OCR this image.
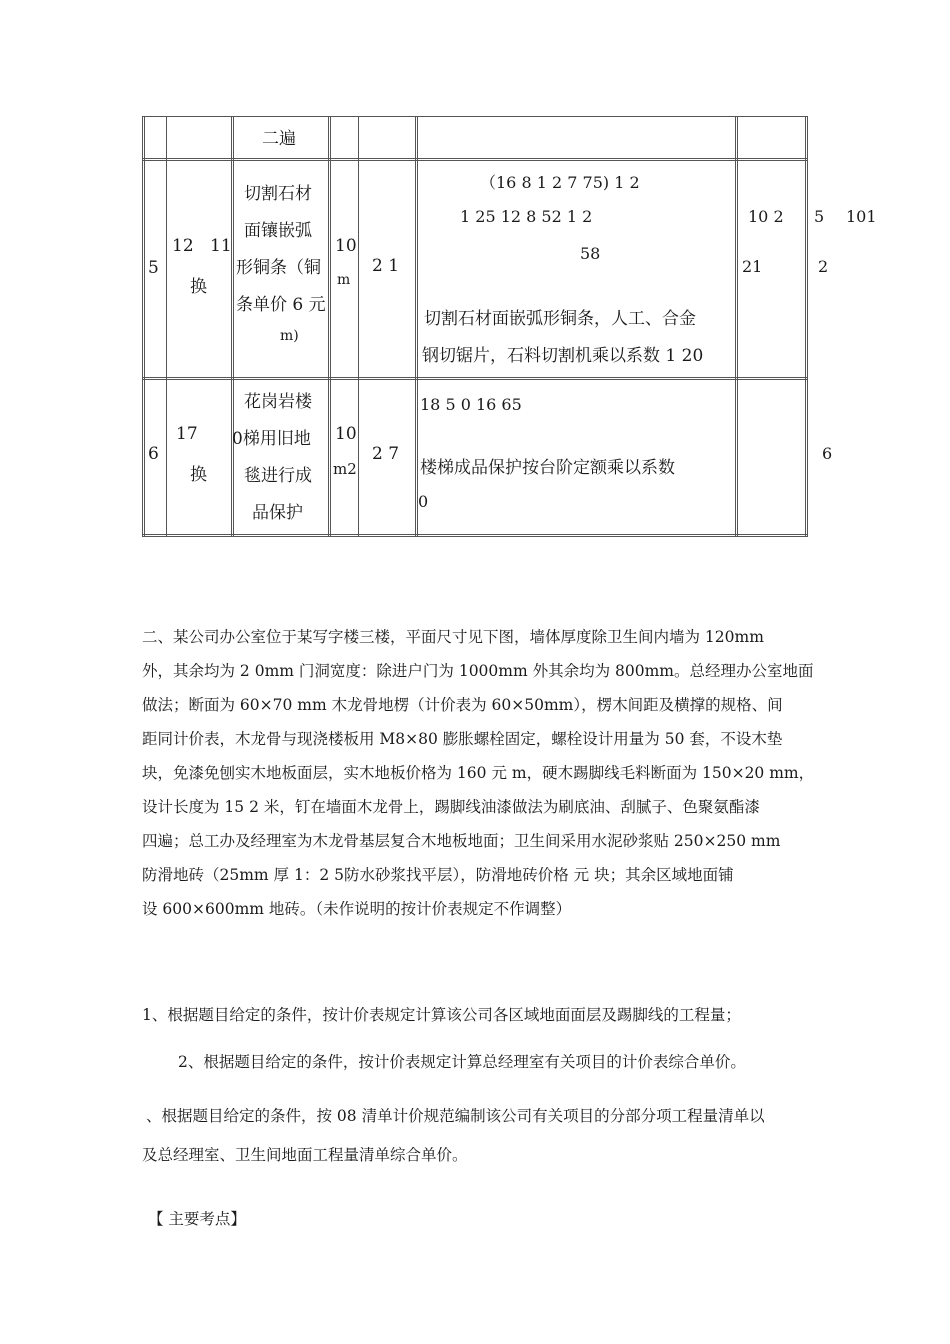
二遍
5
12 11
换
切割石材
面镶嵌弧
形铜条（铜
条单价 6 元
m)
10
m
2 1
（16 8 1 2 7 75) 1 2
1 25 12 8 52 1 2
58
切割石材面嵌弧形铜条，人工、合金
钢切锯片，石料切割机乘以系数 1 20
10 2
21
5
2
101
6
17
换
花岗岩楼
0梯用旧地
毯进行成
品保护
10
m2
2 7
18 5 0 16 65
楼梯成品保护按台阶定额乘以系数
0
6
二、某公司办公室位于某写字楼三楼，平面尺寸见下图，墙体厚度除卫生间内墙为 120mm
外，其余均为 2 0mm 门洞宽度：除进户门为 1000mm 外其余均为 800mm。总经理办公室地面
做法；断面为 60×70 mm 木龙骨地楞（计价表为 60×50mm），楞木间距及横撑的规格、间
距同计价表，木龙骨与现浇楼板用 M8×80 膨胀螺栓固定，螺栓设计用量为 50 套，不设木垫
块，免漆免刨实木地板面层，实木地板价格为 160 元 m，硬木踢脚线毛料断面为 150×20 mm，
设计长度为 15 2 米，钉在墙面木龙骨上，踢脚线油漆做法为刷底油、刮腻子、色聚氨酯漆
四遍；总工办及经理室为木龙骨基层复合木地板地面；卫生间采用水泥砂浆贴 250×250 mm
防滑地砖（25mm 厚 1：2 5防水砂浆找平层），防滑地砖价格 元 块；其余区域地面铺
设 600×600mm 地砖。（未作说明的按计价表规定不作调整）
1、根据题目给定的条件，按计价表规定计算该公司各区域地面面层及踢脚线的工程量；
2、根据题目给定的条件，按计价表规定计算总经理室有关项目的计价表综合单价。
、根据题目给定的条件，按 08 清单计价规范编制该公司有关项目的分部分项工程量清单以
及总经理室、卫生间地面工程量清单综合单价。
【 主要考点】
